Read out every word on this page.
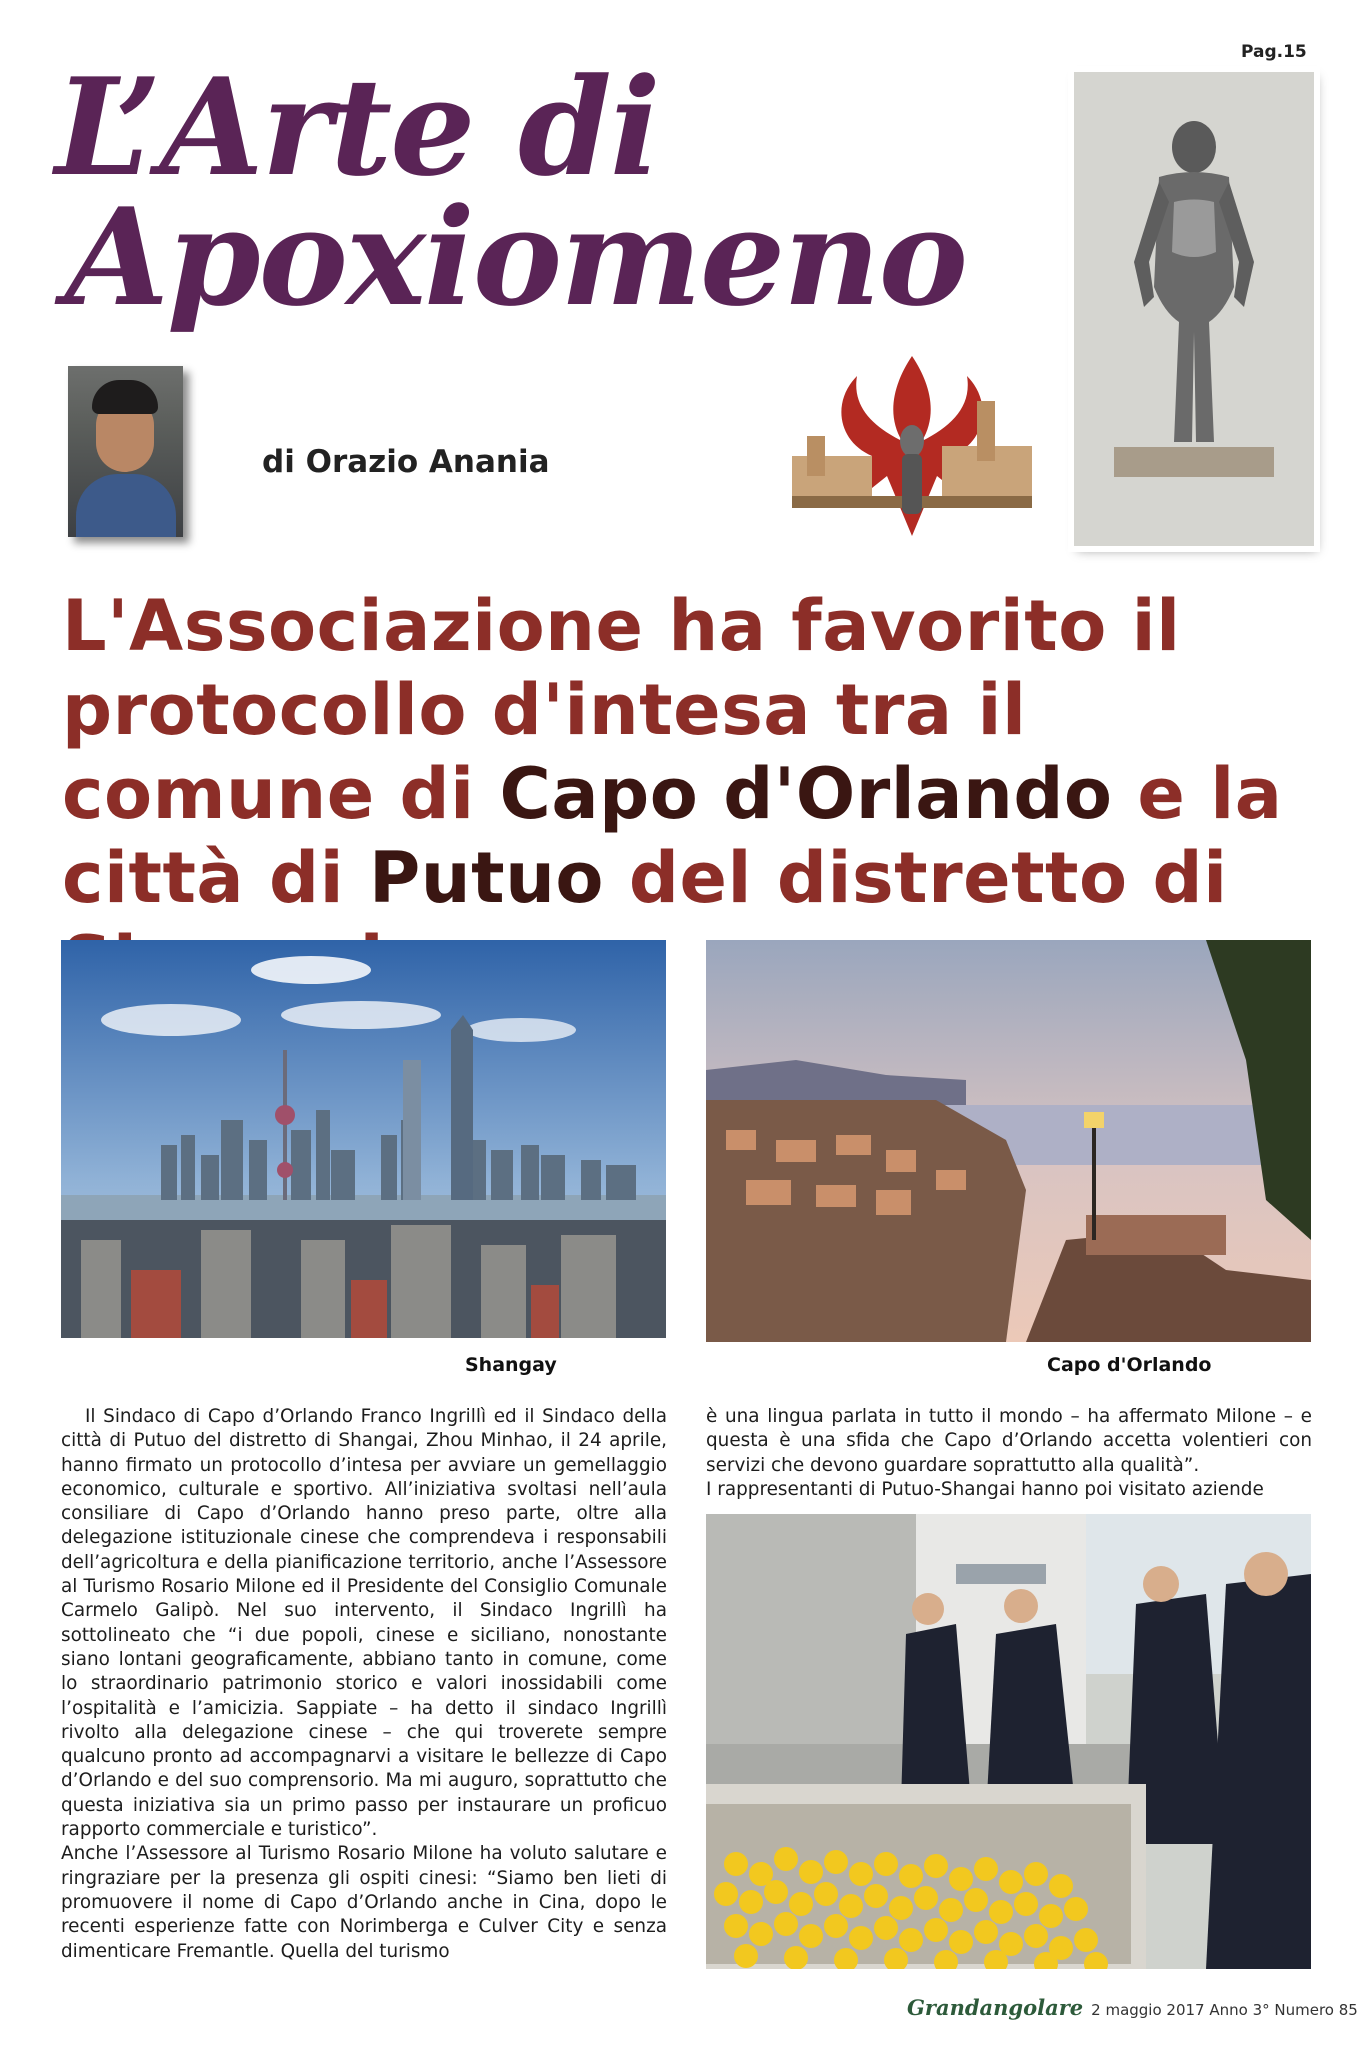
Pag.15
L’Arte di
Apoxiomeno
di Orazio Anania
L'Associazione ha favorito il protocollo d'intesa tra il comune di Capo d'Orlando e la città di Putuo del distretto di
Shangay	Capo d'Orlando

Il Sindaco di Capo d’Orlando Franco Ingrillì ed il Sindaco della città di Putuo del distretto di Shangai, Zhou Minhao, il 24 aprile, hanno firmato un protocollo d’intesa per avviare un gemellaggio economico, culturale e sportivo. All’iniziativa svoltasi nell’aula consiliare di Capo d’Orlando hanno preso parte, oltre alla delegazione istituzionale cinese che comprendeva i responsabili dell’agricoltura e della pianificazione territorio, anche l’Assessore al Turismo Rosario Milone ed il Presidente del Consiglio Comunale Carmelo Galipò. Nel suo intervento, il Sindaco Ingrillì ha sottolineato che “i due popoli, cinese e siciliano, nonostante siano lontani geograficamente, abbiano tanto in comune, come lo straordinario patrimonio storico e valori inossidabili come l’ospitalità e l’amicizia. Sappiate – ha detto il sindaco Ingrillì rivolto alla delegazione cinese – che qui troverete sempre qualcuno pronto ad accompagnarvi a visitare le bellezze di Capo d’Orlando e del suo comprensorio. Ma mi auguro, soprattutto che questa iniziativa sia un primo passo per instaurare un proficuo rapporto commerciale e turistico”.

Anche l’Assessore al Turismo Rosario Milone ha voluto salutare e ringraziare per la presenza gli ospiti cinesi: “Siamo ben lieti di promuovere il nome di Capo d’Orlando anche in Cina, dopo le recenti esperienze fatte con Norimberga e Culver City e senza dimenticare Fremantle. Quella del turismo

è una lingua parlata in tutto il mondo – ha affermato Milone – e questa è una sfida che Capo d’Orlando accetta volentieri con servizi che devono guardare soprattutto alla qualità”.

I rappresentanti di Putuo-Shangai hanno poi visitato aziende

Grandangolare 2 maggio 2017 Anno 3° Numero 85
